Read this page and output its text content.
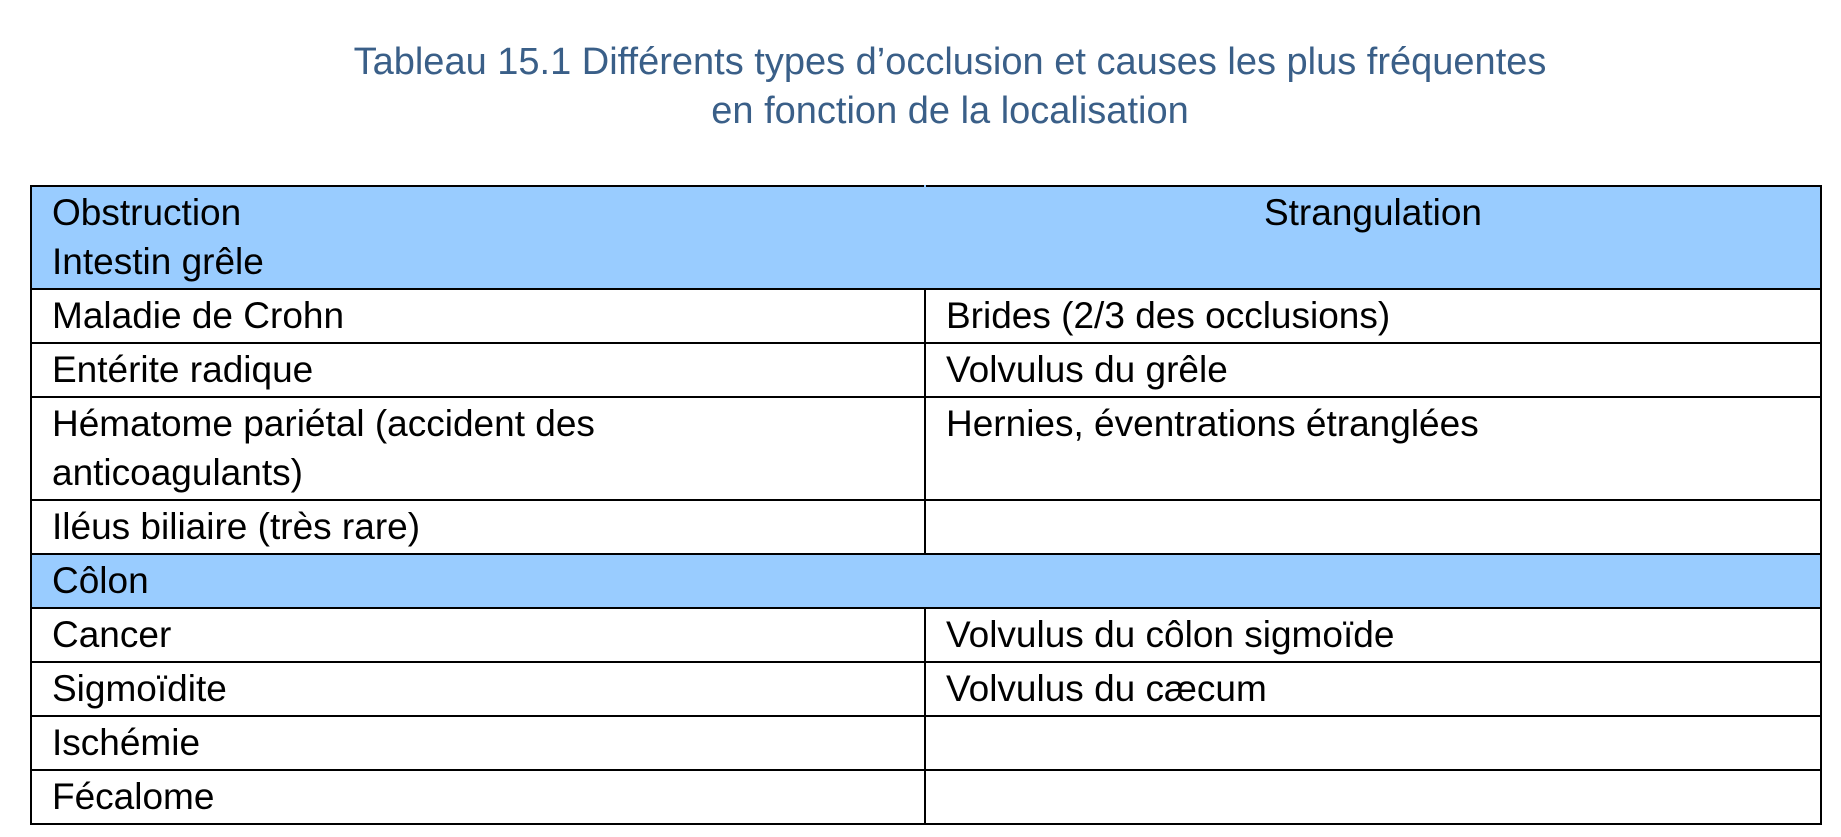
Tableau 15.1 Différents types d’occlusion et causes les plus fréquentes
en fonction de la localisation
Obstruction
Intestin grêle	Strangulation
Maladie de Crohn	Brides (2/3 des occlusions)
Entérite radique	Volvulus du grêle

Hématome pariétal (accident des
anticoagulants)	Hernies, éventrations étranglées
Iléus biliaire (très rare)	
Côlon	
Cancer	Volvulus du côlon sigmoïde
Sigmoïdite	Volvulus du cæcum
Ischémie	
Fécalome	
